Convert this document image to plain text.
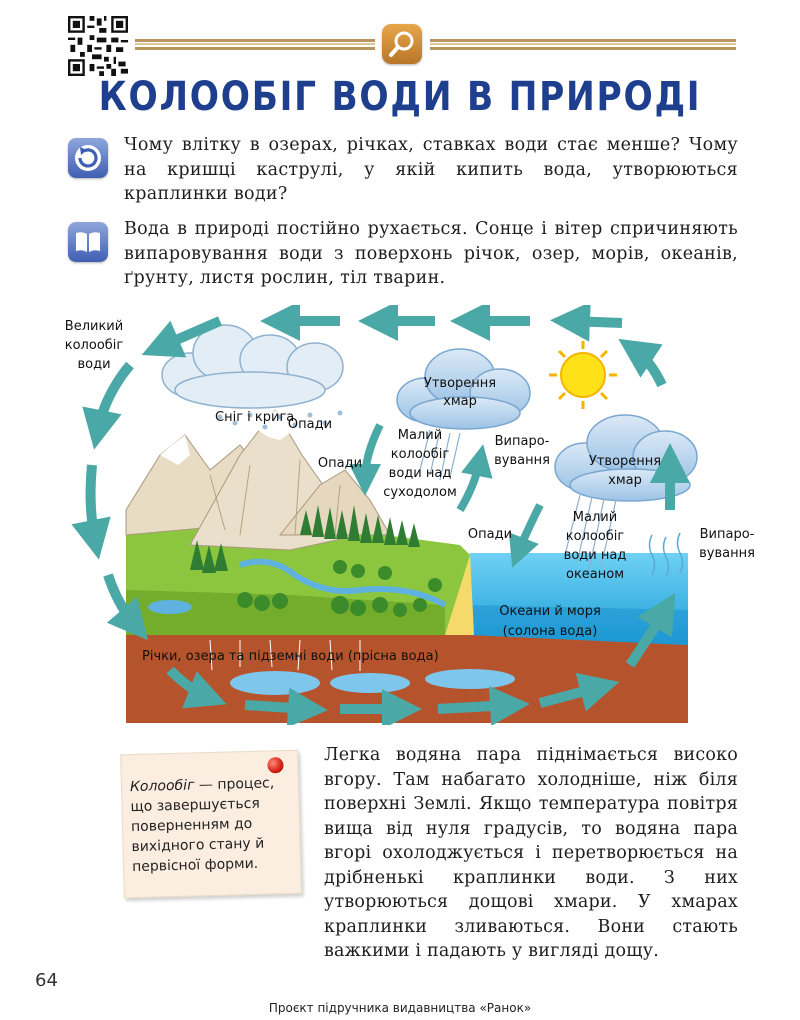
КОЛООБІГ ВОДИ В ПРИРОДІ

Чому влітку в озерах, річках, ставках води стає менше? Чому на кришці каструлі, у якій кипить вода, утворюються краплинки води?

Вода в природі постійно рухається. Сонце і вітер спричиняють випаровування води з поверхонь річок, озер, морів, океанів, ґрунту, листя рослин, тіл тварин.

Великий
колообіг
води
Сніг і крига
Опади
Опади
Утворення
хмар
Малий
колообіг
води над
суходолом
Випаро-
вування	Утворення
хмар
Опади
Малий
колообіг
води над
океаном
Випаро-
вування
Океани й моря
(солона вода)
Річки, озера та підземні води (прісна вода)

Колообіг — процес, що завершується поверненням до вихідного стану й первісної форми.

Легка водяна пара піднімається високо вгору. Там набагато холодніше, ніж біля поверхні Землі. Якщо температура повітря вища від нуля градусів, то водяна пара вгорі охолоджується і перетворюється на дрібненькі краплинки води. З них утворюються дощові хмари. У хмарах краплинки зливаються. Вони стають важкими і падають у вигляді дощу.

64
Проєкт підручника видавництва «Ранок»
